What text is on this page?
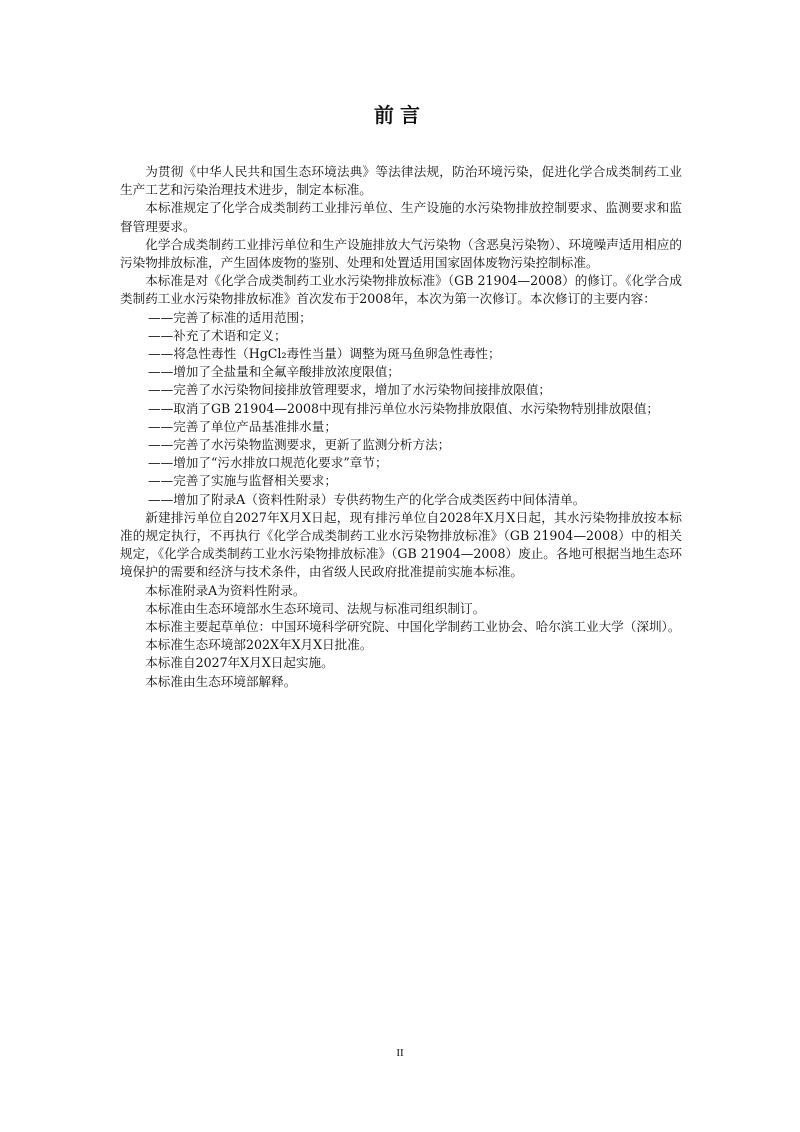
前言

为贯彻《中华人民共和国生态环境法典》等法律法规，防治环境污染，促进化学合成类制药工业生产工艺和污染治理技术进步，制定本标准。

本标准规定了化学合成类制药工业排污单位、生产设施的水污染物排放控制要求、监测要求和监督管理要求。

化学合成类制药工业排污单位和生产设施排放大气污染物（含恶臭污染物）、环境噪声适用相应的污染物排放标准，产生固体废物的鉴别、处理和处置适用国家固体废物污染控制标准。

本标准是对《化学合成类制药工业水污染物排放标准》（GB 21904—2008）的修订。《化学合成类制药工业水污染物排放标准》首次发布于2008年，本次为第一次修订。本次修订的主要内容：

——完善了标准的适用范围；

——补充了术语和定义；

——将急性毒性（HgCl₂毒性当量）调整为斑马鱼卵急性毒性；

——增加了全盐量和全氟辛酸排放浓度限值；

——完善了水污染物间接排放管理要求，增加了水污染物间接排放限值；

——取消了GB 21904—2008中现有排污单位水污染物排放限值、水污染物特别排放限值；

——完善了单位产品基准排水量；

——完善了水污染物监测要求，更新了监测分析方法；

——增加了“污水排放口规范化要求”章节；

——完善了实施与监督相关要求；

——增加了附录A（资料性附录）专供药物生产的化学合成类医药中间体清单。

新建排污单位自2027年X月X日起，现有排污单位自2028年X月X日起，其水污染物排放按本标准的规定执行，不再执行《化学合成类制药工业水污染物排放标准》（GB 21904—2008）中的相关规定，《化学合成类制药工业水污染物排放标准》（GB 21904—2008）废止。各地可根据当地生态环境保护的需要和经济与技术条件，由省级人民政府批准提前实施本标准。

本标准附录A为资料性附录。

本标准由生态环境部水生态环境司、法规与标准司组织制订。

本标准主要起草单位：中国环境科学研究院、中国化学制药工业协会、哈尔滨工业大学（深圳）。

本标准生态环境部202X年X月X日批准。

本标准自2027年X月X日起实施。

本标准由生态环境部解释。

II
